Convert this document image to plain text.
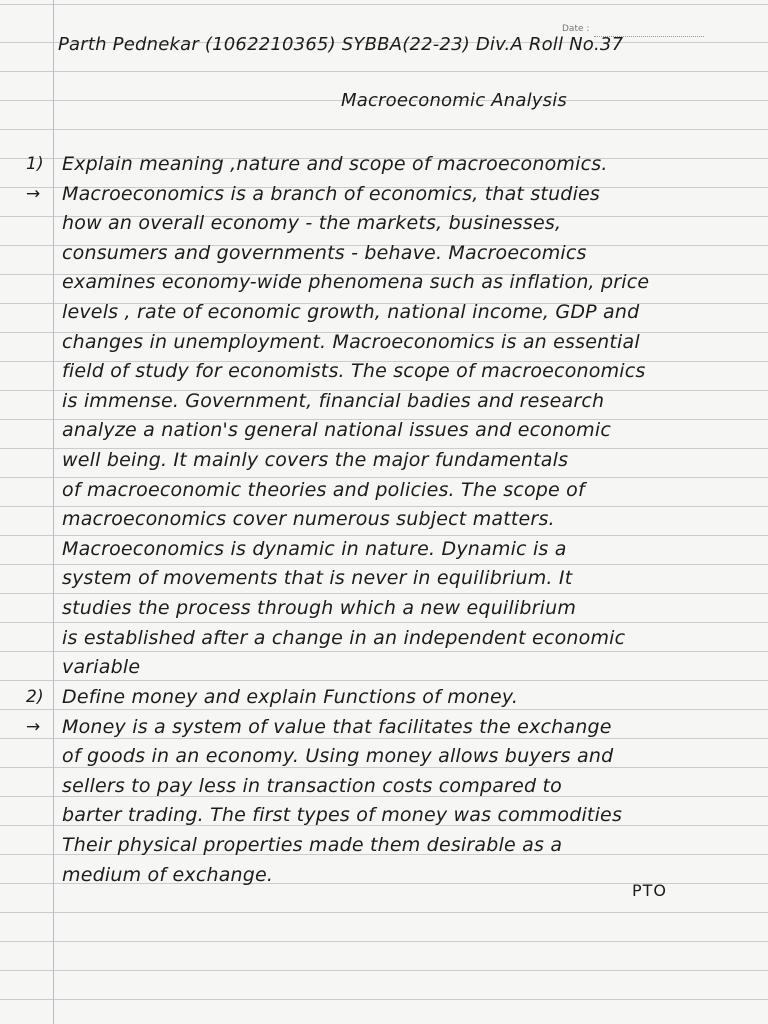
Date :
Parth Pednekar (1062210365) SYBBA(22-23) Div.A Roll No.37
Macroeconomic Analysis
1)
→
Explain meaning ,nature and scope of macroeconomics.
Macroeconomics is a branch of economics, that studies
how an overall economy - the markets, businesses,
consumers and governments - behave. Macroecomics
examines economy-wide phenomena such as inflation, price
levels , rate of economic growth, national income, GDP and
changes in unemployment. Macroeconomics is an essential
field of study for economists. The scope of macroeconomics
is immense. Government, financial badies and research
analyze a nation's general national issues and economic
well being. It mainly covers the major fundamentals
of macroeconomic theories and policies. The scope of
macroeconomics cover numerous subject matters.
Macroeconomics is dynamic in nature. Dynamic is a
system of movements that is never in equilibrium. It
studies the process through which a new equilibrium
is established after a change in an independent economic
variable
2)
→
Define money and explain Functions of money.
Money is a system of value that facilitates the exchange
of goods in an economy. Using money allows buyers and
sellers to pay less in transaction costs compared to
barter trading. The first types of money was commodities
Their physical properties made them desirable as a
medium of exchange.
PTO
